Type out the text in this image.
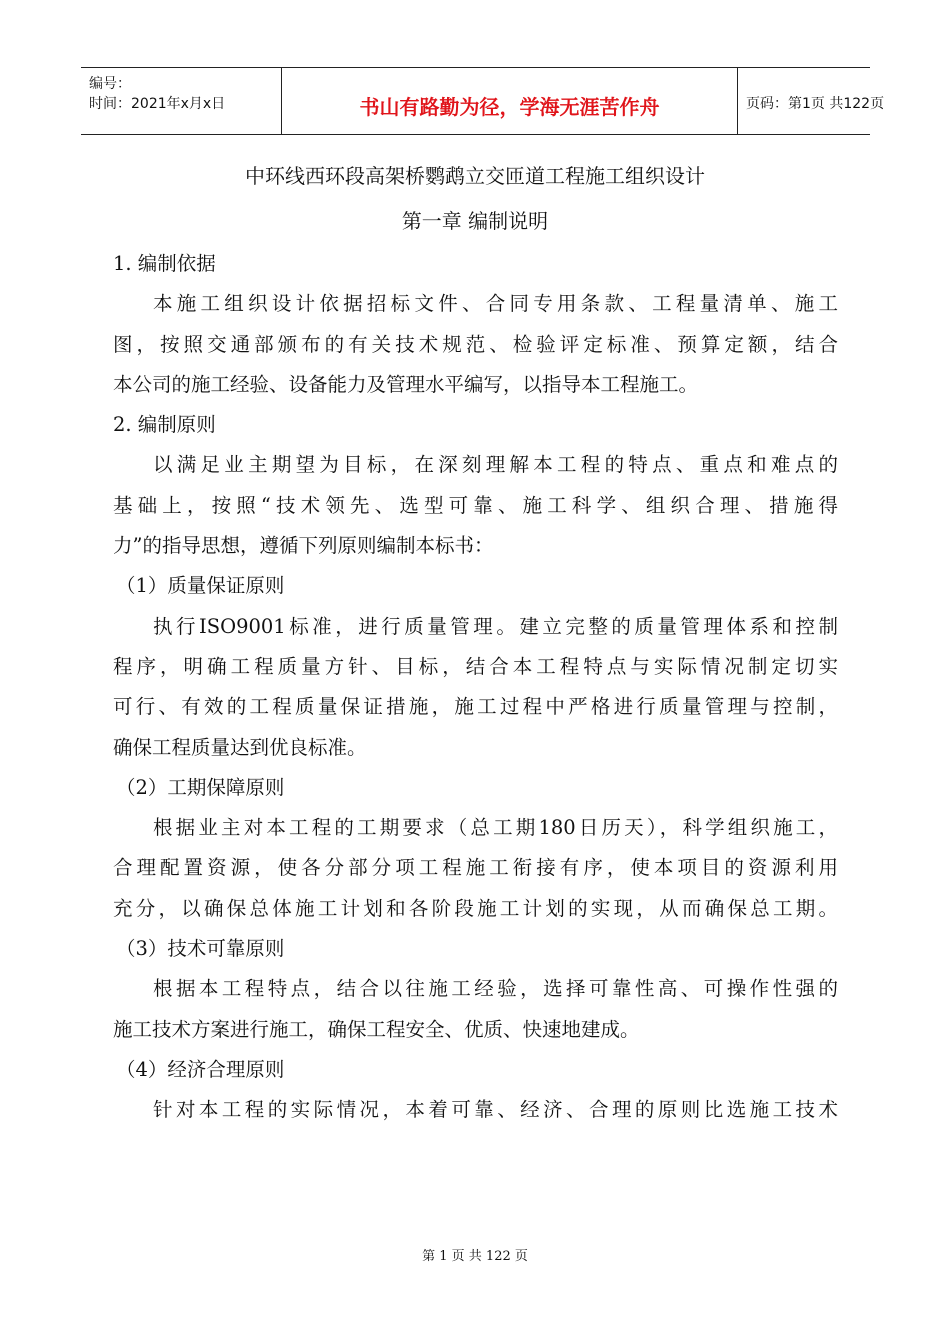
编号：
时间：2021年x月x日	书山有路勤为径，学海无涯苦作舟	页码：第1页 共122页
中环线西环段高架桥鹦鹉立交匝道工程施工组织设计
第一章 编制说明
1. 编制依据
本施工组织设计依据招标文件、合同专用条款、工程量清单、施工
图，按照交通部颁布的有关技术规范、检验评定标准、预算定额，结合
本公司的施工经验、设备能力及管理水平编写，以指导本工程施工。
2. 编制原则
以满足业主期望为目标，在深刻理解本工程的特点、重点和难点的
基础上，按照“技术领先、选型可靠、施工科学、组织合理、措施得
力”的指导思想，遵循下列原则编制本标书：
（1）质量保证原则
执行ISO9001标准，进行质量管理。建立完整的质量管理体系和控制
程序，明确工程质量方针、目标，结合本工程特点与实际情况制定切实
可行、有效的工程质量保证措施，施工过程中严格进行质量管理与控制，
确保工程质量达到优良标准。
（2）工期保障原则
根据业主对本工程的工期要求（总工期180日历天），科学组织施工，
合理配置资源，使各分部分项工程施工衔接有序，使本项目的资源利用
充分，以确保总体施工计划和各阶段施工计划的实现，从而确保总工期。
（3）技术可靠原则
根据本工程特点，结合以往施工经验，选择可靠性高、可操作性强的
施工技术方案进行施工，确保工程安全、优质、快速地建成。
（4）经济合理原则
针对本工程的实际情况，本着可靠、经济、合理的原则比选施工技术
第 1 页 共 122 页
